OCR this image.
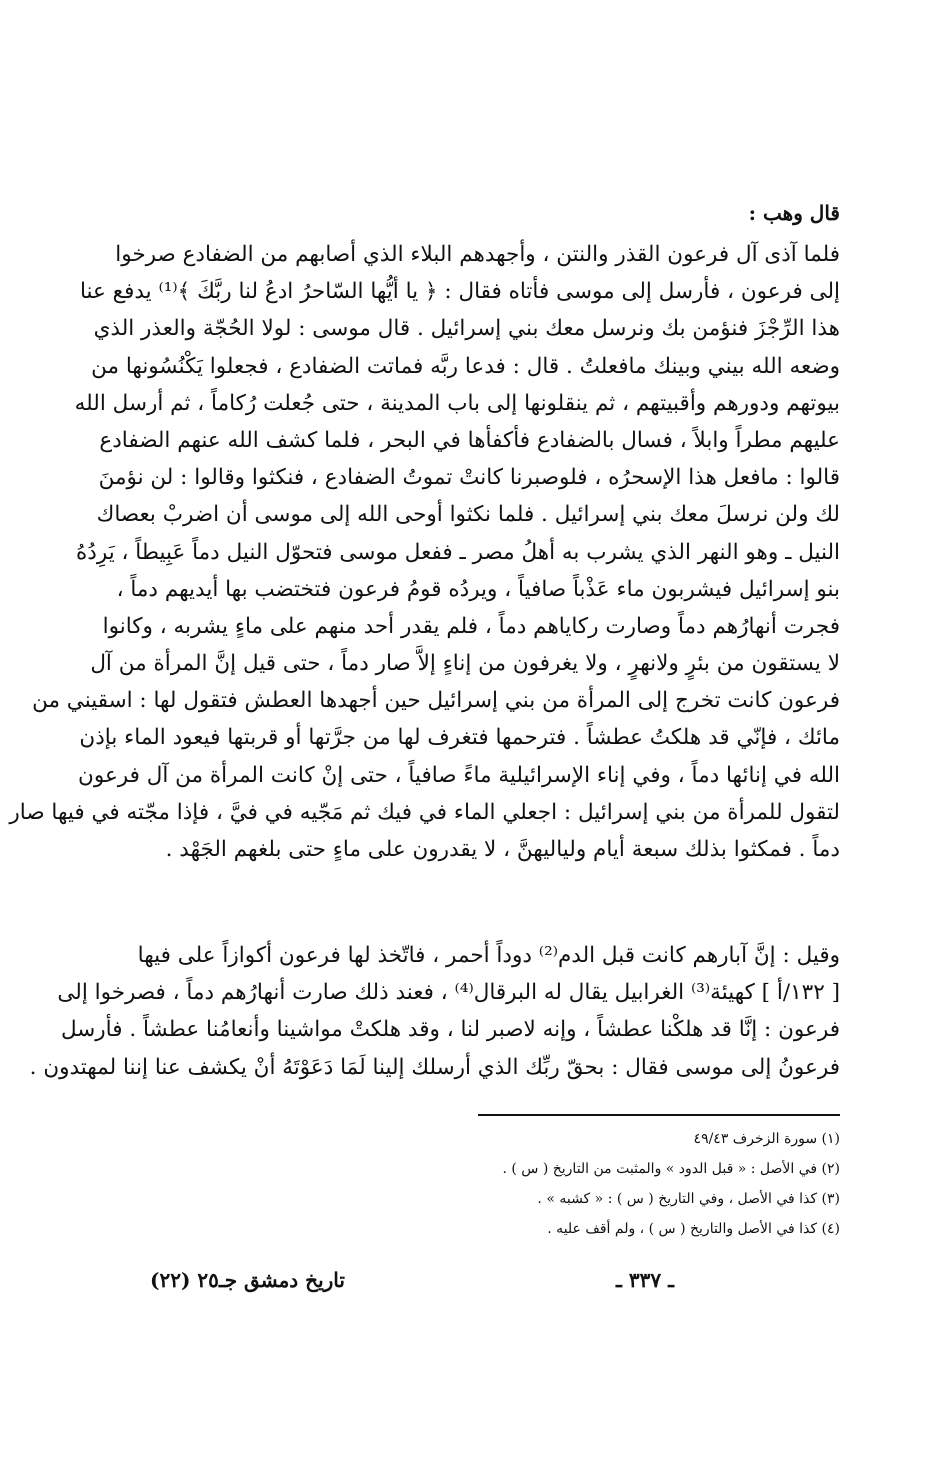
قال وهب :
فلما آذى آل فرعون القذر والنتن ، وأجهدهم البلاء الذي أصابهم من الضفادع صرخوا
إلى فرعون ، فأرسل إلى موسى فأتاه فقال : ﴿ يا أيُّها السّاحرُ ادعُ لنا ربَّكَ ﴾⁽¹⁾ يدفع عنا
هذا الرِّجْزَ فنؤمن بك ونرسل معك بني إسرائيل . قال موسى : لولا الحُجّة والعذر الذي
وضعه الله بيني وبينك مافعلتُ . قال : فدعا ربَّه فماتت الضفادع ، فجعلوا يَكْنُسُونها من
بيوتهم ودورهم وأقبيتهم ، ثم ينقلونها إلى باب المدينة ، حتى جُعلت رُكاماً ، ثم أرسل الله
عليهم مطراً وابلاً ، فسال بالضفادع فأكفأها في البحر ، فلما كشف الله عنهم الضفادع
قالوا : مافعل هذا الإسحرُه ، فلوصبرنا كانتْ تموتُ الضفادع ، فنكثوا وقالوا : لن نؤمنَ
لك ولن نرسلَ معك بني إسرائيل . فلما نكثوا أوحى الله إلى موسى أن اضربْ بعصاك
النيل ـ وهو النهر الذي يشرب به أهلُ مصر ـ ففعل موسى فتحوّل النيل دماً عَبِيطاً ، يَرِدُهُ
بنو إسرائيل فيشربون ماء عَذْباً صافياً ، ويردُه قومُ فرعون فتختضب بها أيديهم دماً ،
فجرت أنهارُهم دماً وصارت ركاياهم دماً ، فلم يقدر أحد منهم على ماءٍ يشربه ، وكانوا
لا يستقون من بئرٍ ولانهرٍ ، ولا يغرفون من إناءٍ إلاَّ صار دماً ، حتى قيل إنَّ المرأة من آل
فرعون كانت تخرج إلى المرأة من بني إسرائيل حين أجهدها العطش فتقول لها : اسقيني من
مائك ، فإنّي قد هلكتُ عطشاً . فترحمها فتغرف لها من جرَّتها أو قربتها فيعود الماء بإذن
الله في إنائها دماً ، وفي إناء الإسرائيلية ماءً صافياً ، حتى إنْ كانت المرأة من آل فرعون
لتقول للمرأة من بني إسرائيل : اجعلي الماء في فيك ثم مَجّيه في فيَّ ، فإذا مجّته في فيها صار
دماً . فمكثوا بذلك سبعة أيام ولياليهنَّ ، لا يقدرون على ماءٍ حتى بلغهم الجَهْد .
وقيل : إنَّ آبارهم كانت قبل الدم⁽²⁾ دوداً أحمر ، فاتّخذ لها فرعون أكوازاً على فيها
[ ١٣٢/أ ] كهيئة⁽³⁾ الغرابيل يقال له البرقال⁽⁴⁾ ، فعند ذلك صارت أنهارُهم دماً ، فصرخوا إلى
فرعون : إنَّا قد هلكْنا عطشاً ، وإنه لاصبر لنا ، وقد هلكتْ مواشينا وأنعامُنا عطشاً . فأرسل
فرعونُ إلى موسى فقال : بحقّ ربِّك الذي أرسلك إلينا لَمَا دَعَوْتَهُ أنْ يكشف عنا إننا لمهتدون .
(١) سورة الزخرف ٤٩/٤٣
(٢) في الأصل : « قبل الدود » والمثبت من التاريخ ( س ) .
(٣) كذا في الأصل ، وفي التاريخ ( س ) : « كشبه » .
(٤) كذا في الأصل والتاريخ ( س ) ، ولم أقف عليه .
ـ ٣٣٧ ـ
تاريخ دمشق جـ٢٥ (٢٢)
